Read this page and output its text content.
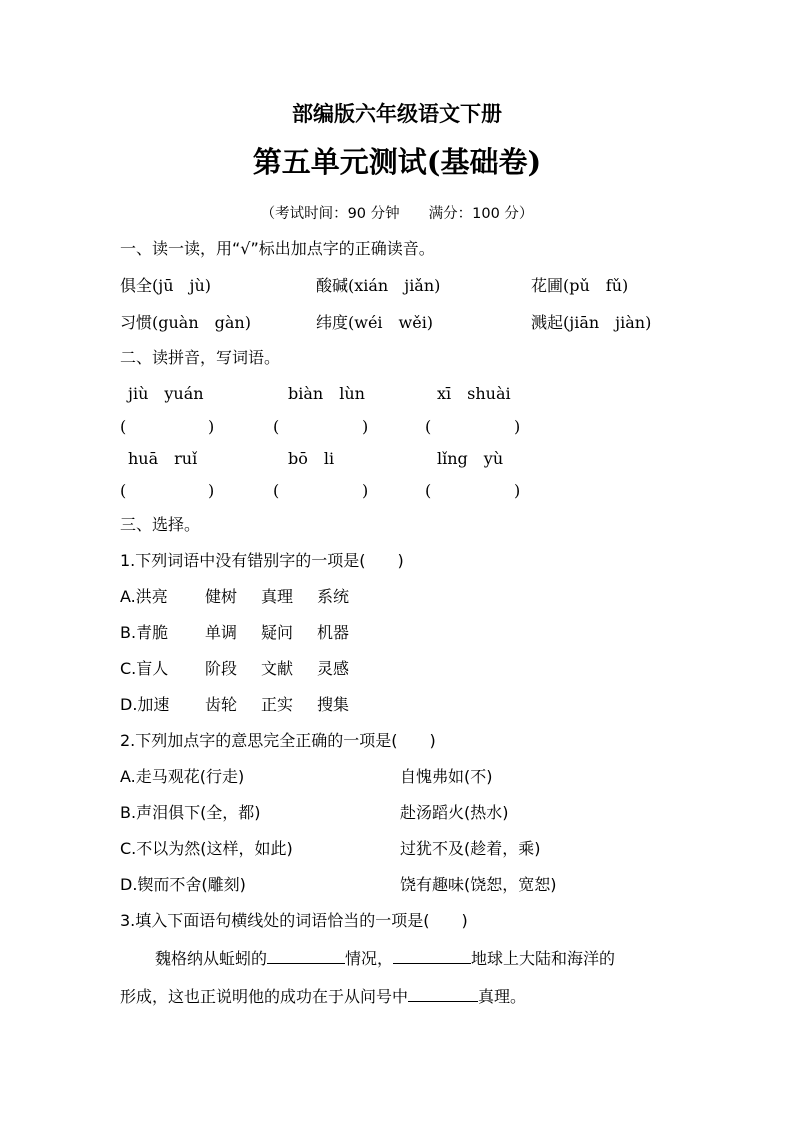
部编版六年级语文下册
第五单元测试(基础卷)
（考试时间：90 分钟　　满分：100 分）
一、读一读，用“√”标出加点字的正确读音。
俱全(jū　jù)	酸碱(xián　jiǎn)	花圃(pǔ　fǔ)
习惯(guàn　gàn)	纬度(wéi　wěi)	溅起(jiān　jiàn)
二、读拼音，写词语。
jiù　yuán	biàn　lùn	xī　shuài
(	)	(	)	(	)
huā　ruǐ	bō　li	lǐng　yù
(	)	(	)	(	)
三、选择。
1.下列词语中没有错别字的一项是(　　)
A.洪亮 健树 真理 系统
B.青脆 单调 疑问 机器
C.盲人 阶段 文献 灵感
D.加速 齿轮 正实 搜集
2.下列加点字的意思完全正确的一项是(　　)
A.走马观花(行走)	自愧弗如(不)
B.声泪俱下(全，都)	赴汤蹈火(热水)
C.不以为然(这样，如此)	过犹不及(趁着，乘)
D.锲而不舍(雕刻)	饶有趣味(饶恕，宽恕)
3.填入下面语句横线处的词语恰当的一项是(　　)
魏格纳从蚯蚓的	情况，	地球上大陆和海洋的
形成，这也正说明他的成功在于从问号中	真理。
